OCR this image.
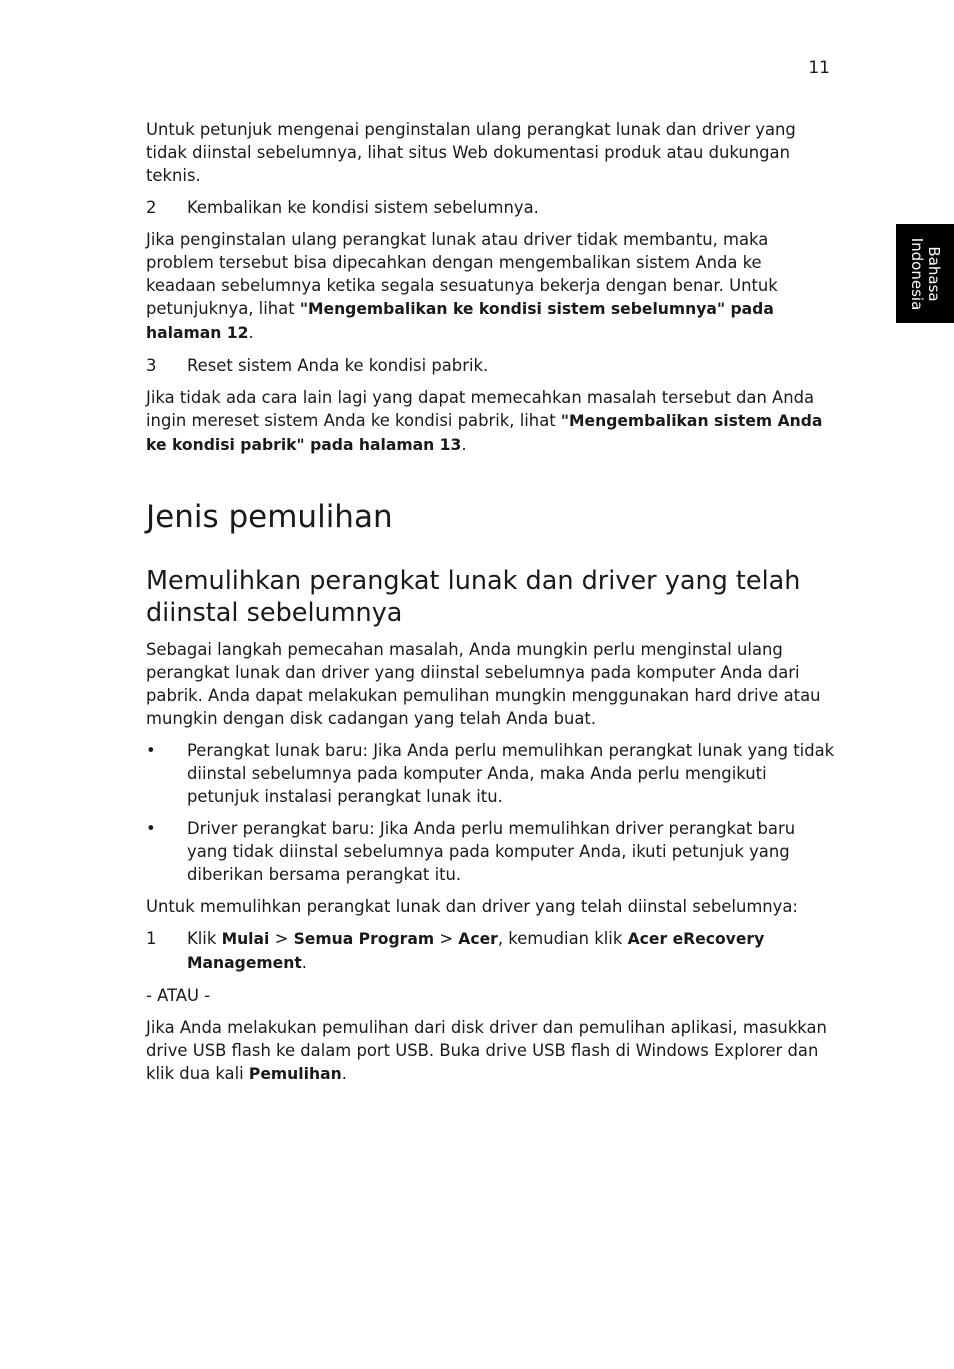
11
Bahasa
Indonesia

Untuk petunjuk mengenai penginstalan ulang perangkat lunak dan driver yang tidak diinstal sebelumnya, lihat situs Web dokumentasi produk atau dukungan teknis.

2 Kembalikan ke kondisi sistem sebelumnya.

Jika penginstalan ulang perangkat lunak atau driver tidak membantu, maka problem tersebut bisa dipecahkan dengan mengembalikan sistem Anda ke keadaan sebelumnya ketika segala sesuatunya bekerja dengan benar. Untuk petunjuknya, lihat "Mengembalikan ke kondisi sistem sebelumnya" pada halaman 12.

3 Reset sistem Anda ke kondisi pabrik.

Jika tidak ada cara lain lagi yang dapat memecahkan masalah tersebut dan Anda ingin mereset sistem Anda ke kondisi pabrik, lihat "Mengembalikan sistem Anda ke kondisi pabrik" pada halaman 13.

Jenis pemulihan
Memulihkan perangkat lunak dan driver yang telah diinstal sebelumnya

Sebagai langkah pemecahan masalah, Anda mungkin perlu menginstal ulang perangkat lunak dan driver yang diinstal sebelumnya pada komputer Anda dari pabrik. Anda dapat melakukan pemulihan mungkin menggunakan hard drive atau mungkin dengan disk cadangan yang telah Anda buat.

• Perangkat lunak baru: Jika Anda perlu memulihkan perangkat lunak yang tidak diinstal sebelumnya pada komputer Anda, maka Anda perlu mengikuti petunjuk instalasi perangkat lunak itu.
• Driver perangkat baru: Jika Anda perlu memulihkan driver perangkat baru yang tidak diinstal sebelumnya pada komputer Anda, ikuti petunjuk yang diberikan bersama perangkat itu.

Untuk memulihkan perangkat lunak dan driver yang telah diinstal sebelumnya:

1 Klik Mulai > Semua Program > Acer, kemudian klik Acer eRecovery Management.

- ATAU -

Jika Anda melakukan pemulihan dari disk driver dan pemulihan aplikasi, masukkan drive USB flash ke dalam port USB. Buka drive USB flash di Windows Explorer dan klik dua kali Pemulihan.
